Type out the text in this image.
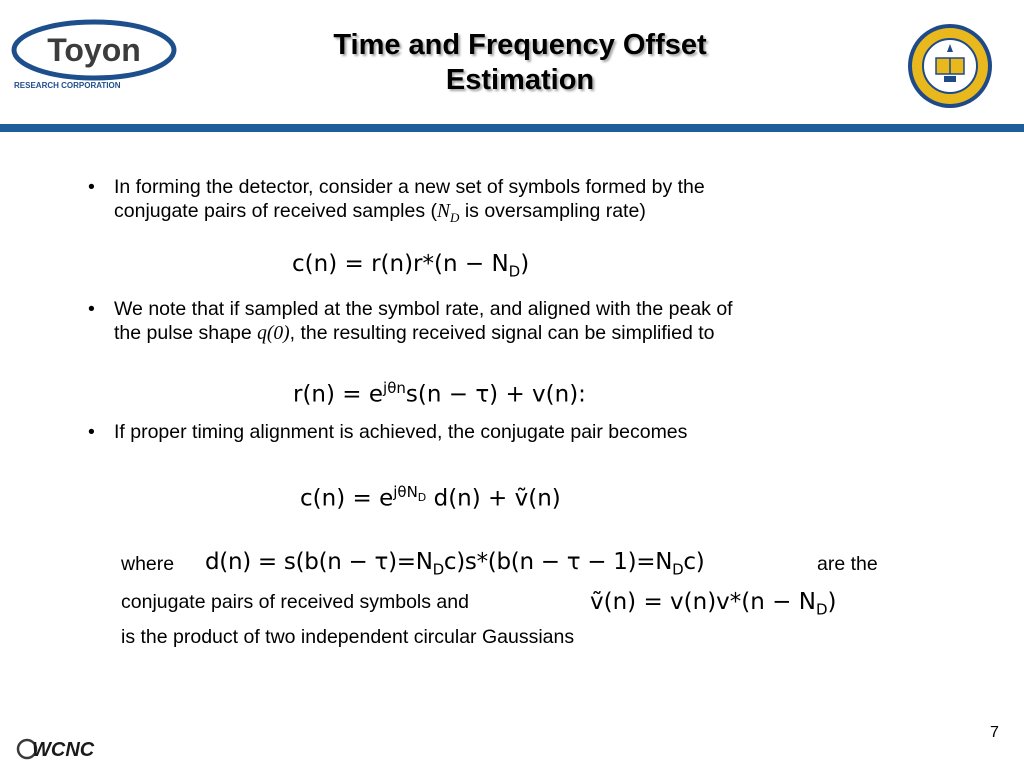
Toyon
RESEARCH CORPORATION
Time and Frequency Offset
Estimation
• In forming the detector, consider a new set of symbols formed by the
conjugate pairs of received samples ($N_D$ is oversampling rate)
$c(n) = r(n)r*(n - N_D)$
• We note that if sampled at the symbol rate, and aligned with the peak of
the pulse shape q(0), the resulting received signal can be simplified to
$r(n) = e^{j\theta n}s(n - \tau) + v(n)$:
• If proper timing alignment is achieved, the conjugate pair becomes
$c(n) = e^{j\theta N_D}$ d(n) + ṽ(n)
where $d(n) = s(b(n - \tau)=N_Dc)s*(b(n - \tau - 1)=N_Dc)$	are the
conjugate pairs of received symbols and	ṽ(n) = $v(n)v*(n - N_D)$
is the product of two independent circular Gaussians
WCNC
7
